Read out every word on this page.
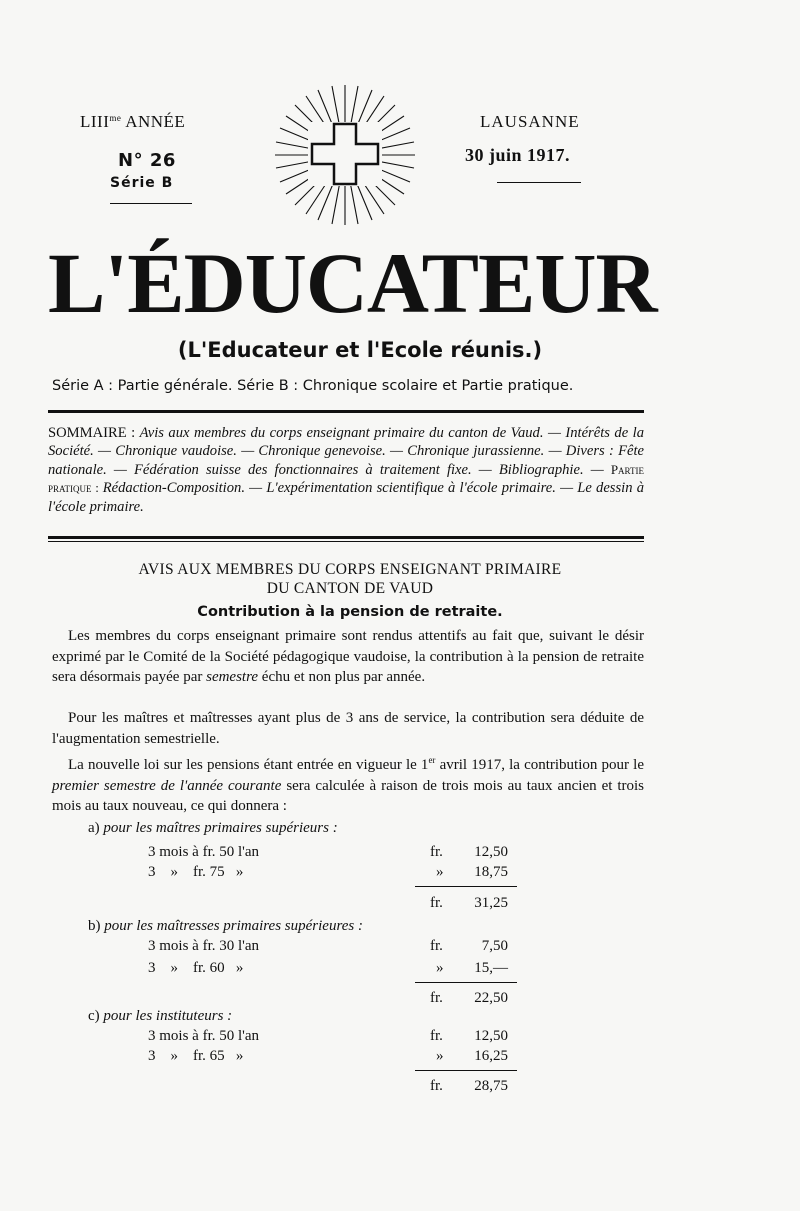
$LIII^{me}$ ANNÉE
N° 26
Série B
LAUSANNE
30 juin 1917.
L'ÉDUCATEUR
(L'Educateur et l'Ecole réunis.)
Série A : Partie générale. Série B : Chronique scolaire et Partie pratique.
SOMMAIRE : Avis aux membres du corps enseignant primaire du canton de Vaud. — Intérêts de la Société. — Chronique vaudoise. — Chronique genevoise. — Chronique jurassienne. — Divers : Fête nationale. — Fédération suisse des fonctionnaires à traitement fixe. — Bibliographie. — Partie pratique : Rédaction-Composition. — L'expérimentation scientifique à l'école primaire. — Le dessin à l'école primaire.
AVIS AUX MEMBRES DU CORPS ENSEIGNANT PRIMAIRE
DU CANTON DE VAUD
Contribution à la pension de retraite.
Les membres du corps enseignant primaire sont rendus attentifs au fait que, suivant le désir exprimé par le Comité de la Société pédagogique vaudoise, la contribution à la pension de retraite sera désormais payée par semestre échu et non plus par année.
Pour les maîtres et maîtresses ayant plus de 3 ans de service, la contribution sera déduite de l'augmentation semestrielle.
La nouvelle loi sur les pensions étant entrée en vigueur le 1er avril 1917, la contribution pour le premier semestre de l'année courante sera calculée à raison de trois mois au taux ancien et trois mois au taux nouveau, ce qui donnera :
a) pour les maîtres primaires supérieurs :
3 mois à fr. 50 l'an	fr.	12,50
3    »    fr. 75   »	»	18,75
fr.	31,25
b) pour les maîtresses primaires supérieures :
3 mois à fr. 30 l'an	fr.	7,50
3    »    fr. 60   »	»	15,—
fr.	22,50
c) pour les instituteurs :
3 mois à fr. 50 l'an	fr.	12,50
3    »    fr. 65   »	»	16,25
fr.	28,75
